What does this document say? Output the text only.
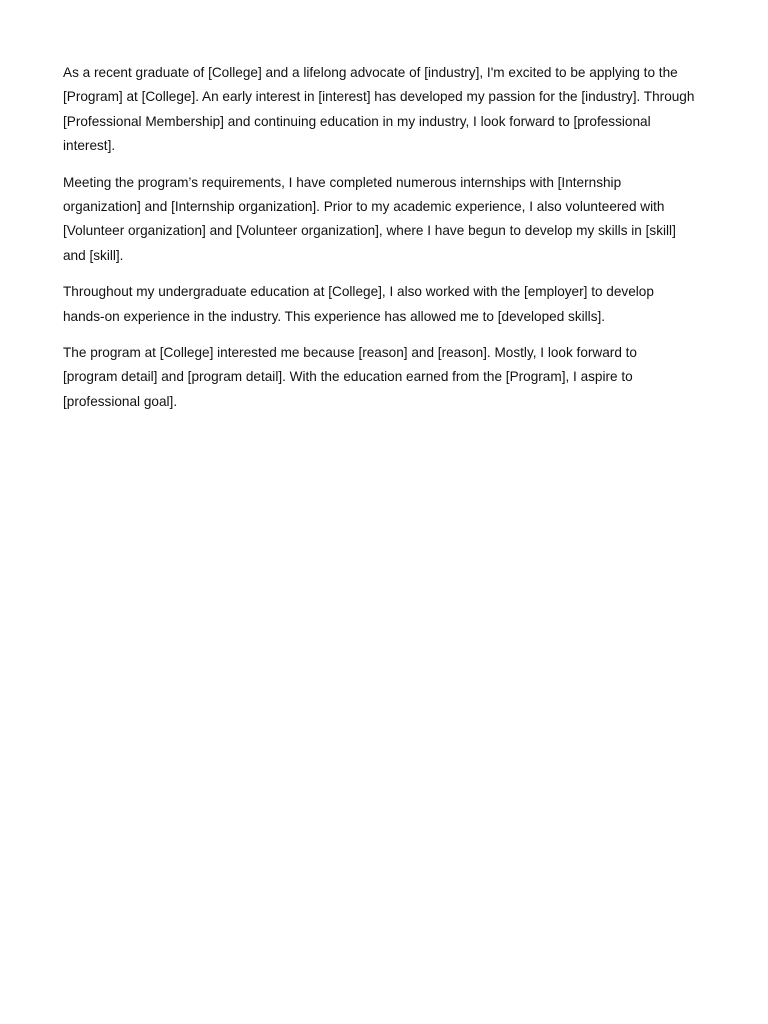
As a recent graduate of [College] and a lifelong advocate of [industry], I'm excited to be applying to the [Program] at [College]. An early interest in [interest] has developed my passion for the [industry]. Through [Professional Membership] and continuing education in my industry, I look forward to [professional interest].

Meeting the program’s requirements, I have completed numerous internships with [Internship organization] and [Internship organization]. Prior to my academic experience, I also volunteered with [Volunteer organization] and [Volunteer organization], where I have begun to develop my skills in [skill] and [skill].

Throughout my undergraduate education at [College], I also worked with the [employer] to develop hands-on experience in the industry. This experience has allowed me to [developed skills].

The program at [College] interested me because [reason] and [reason]. Mostly, I look forward to [program detail] and [program detail]. With the education earned from the [Program], I aspire to [professional goal].
